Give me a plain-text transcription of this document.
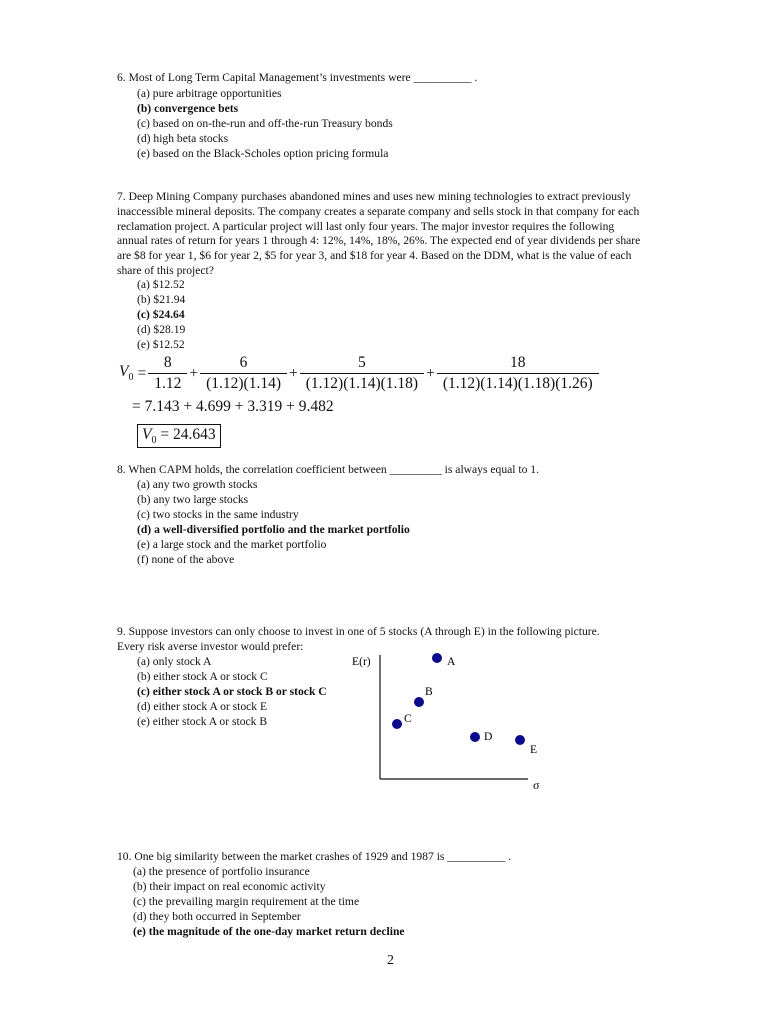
6. Most of Long Term Capital Management’s investments were __________ .
(a) pure arbitrage opportunities
(b) convergence bets
(c) based on on-the-run and off-the-run Treasury bonds
(d) high beta stocks
(e) based on the Black-Scholes option pricing formula
7. Deep Mining Company purchases abandoned mines and uses new mining technologies to extract previously inaccessible mineral deposits. The company creates a separate company and sells stock in that company for each reclamation project. A particular project will last only four years. The major investor requires the following annual rates of return for years 1 through 4: 12%, 14%, 18%, 26%. The expected end of year dividends per share are $8 for year 1, $6 for year 2, $5 for year 3, and $18 for year 4. Based on the DDM, what is the value of each share of this project?
(a) $12.52
(b) $21.94
(c) $24.64
(d) $28.19
(e) $12.52
$V_0 = \frac{8}{1.12} + \frac{6}{(1.12)(1.14)} + \frac{5}{(1.12)(1.14)(1.18)} + \frac{18}{(1.12)(1.14)(1.18)(1.26)}$
= 7.143 + 4.699 + 3.319 + 9.482
$V_0 = 24.643$
8. When CAPM holds, the correlation coefficient between _________ is always equal to 1.
(a) any two growth stocks
(b) any two large stocks
(c) two stocks in the same industry
(d) a well-diversified portfolio and the market portfolio
(e) a large stock and the market portfolio
(f) none of the above
9. Suppose investors can only choose to invest in one of 5 stocks (A through E) in the following picture.
Every risk averse investor would prefer:
(a) only stock A
(b) either stock A or stock C
(c) either stock A or stock B or stock C
(d) either stock A or stock E
(e) either stock A or stock B
E(r)
σ
A
B
C
D
E
10. One big similarity between the market crashes of 1929 and 1987 is __________ .
(a) the presence of portfolio insurance
(b) their impact on real economic activity
(c) the prevailing margin requirement at the time
(d) they both occurred in September
(e) the magnitude of the one-day market return decline
2
